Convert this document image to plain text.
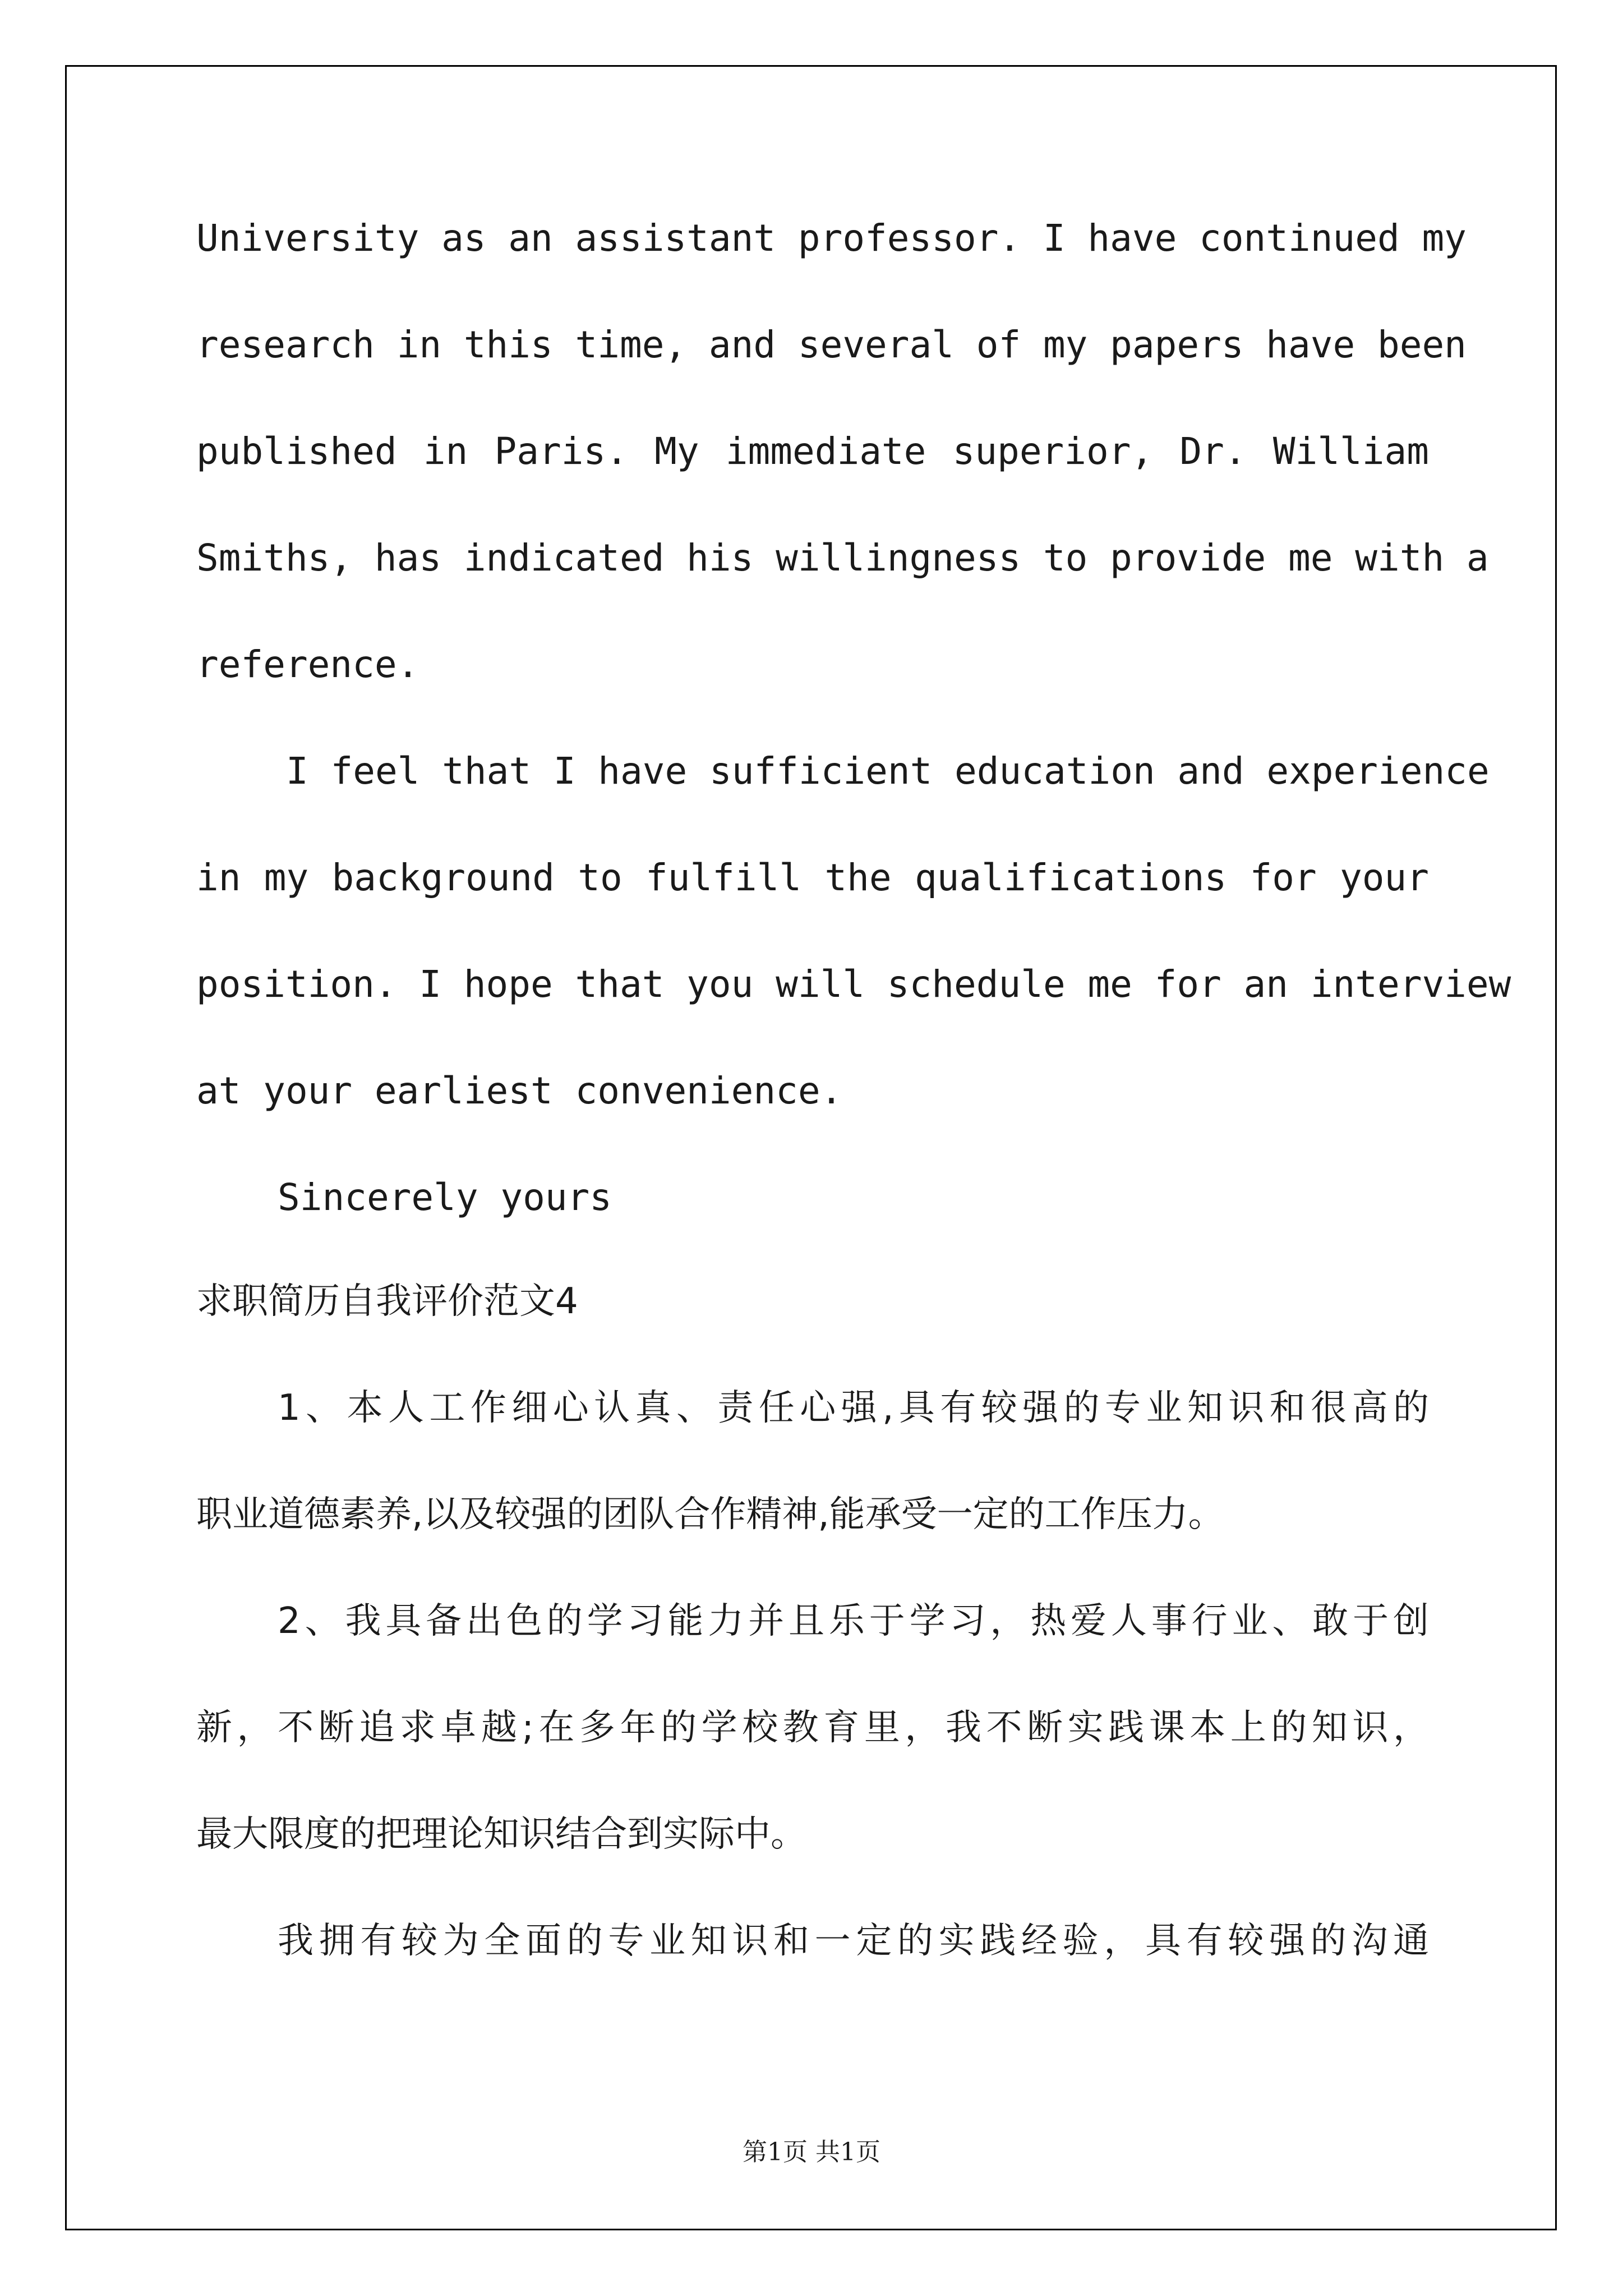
University as an assistant professor. I have continued my
research in this time, and several of my papers have been
published in Paris. My immediate superior, Dr. William
Smiths, has indicated his willingness to provide me with a
reference.
I feel that I have sufficient education and experience
in my background to fulfill the qualifications for your
position. I hope that you will schedule me for an interview
at your earliest convenience.
Sincerely yours
求职简历自我评价范文4
1、本人工作细心认真、责任心强,具有较强的专业知识和很高的
职业道德素养,以及较强的团队合作精神,能承受一定的工作压力。
2、我具备出色的学习能力并且乐于学习，热爱人事行业、敢于创
新，不断追求卓越;在多年的学校教育里，我不断实践课本上的知识，
最大限度的把理论知识结合到实际中。
我拥有较为全面的专业知识和一定的实践经验，具有较强的沟通
第1页 共1页
